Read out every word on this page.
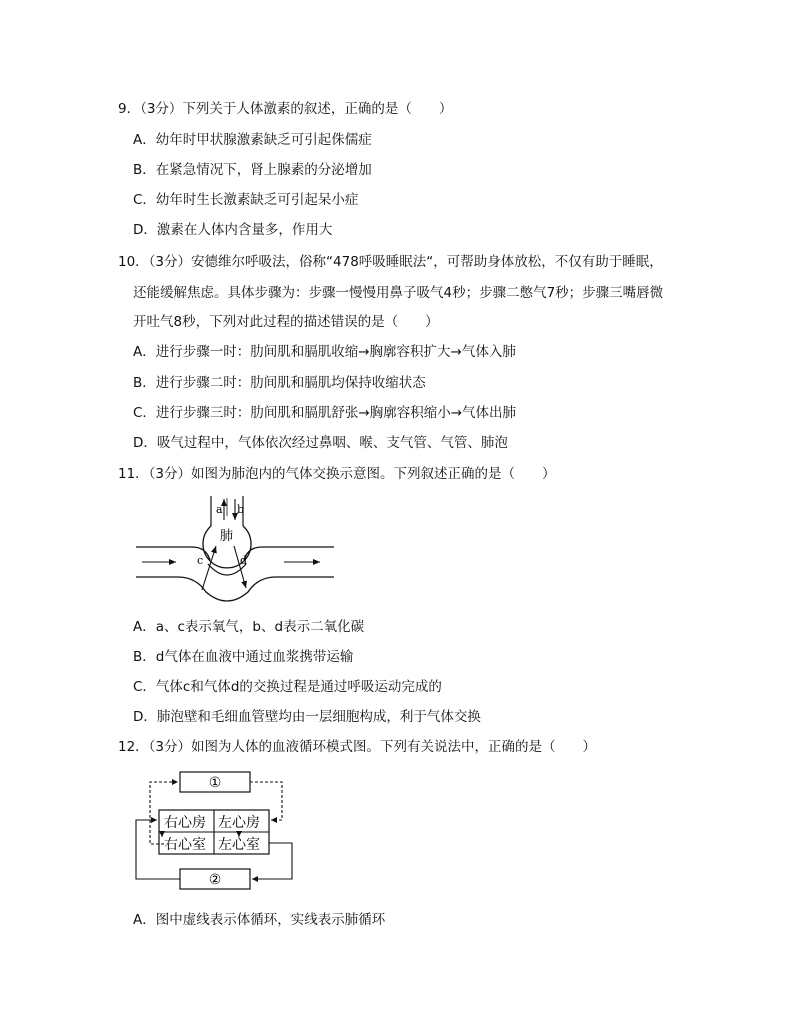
9．（3分）下列关于人体激素的叙述，正确的是（　　）
A．幼年时甲状腺激素缺乏可引起侏儒症
B．在紧急情况下，肾上腺素的分泌增加
C．幼年时生长激素缺乏可引起呆小症
D．激素在人体内含量多，作用大
10．（3分）安德维尔呼吸法，俗称“478呼吸睡眠法“，可帮助身体放松，不仅有助于睡眠，
还能缓解焦虑。具体步骤为：步骤一慢慢用鼻子吸气4秒；步骤二憋气7秒；步骤三嘴唇微
开吐气8秒，下列对此过程的描述错误的是（　　）
A．进行步骤一时：肋间肌和膈肌收缩→胸廓容积扩大→气体入肺
B．进行步骤二时：肋间肌和膈肌均保持收缩状态
C．进行步骤三时：肋间肌和膈肌舒张→胸廓容积缩小→气体出肺
D．吸气过程中，气体依次经过鼻咽、喉、支气管、气管、肺泡
11．（3分）如图为肺泡内的气体交换示意图。下列叙述正确的是（　　）
a b
肺
c	d
A．a、c表示氧气，b、d表示二氧化碳
B．d气体在血液中通过血浆携带运输
C．气体c和气体d的交换过程是通过呼吸运动完成的
D．肺泡壁和毛细血管壁均由一层细胞构成，利于气体交换
12．（3分）如图为人体的血液循环模式图。下列有关说法中，正确的是（　　）
①
②
右心房 左心房
右心室 左心室
A．图中虚线表示体循环，实线表示肺循环
